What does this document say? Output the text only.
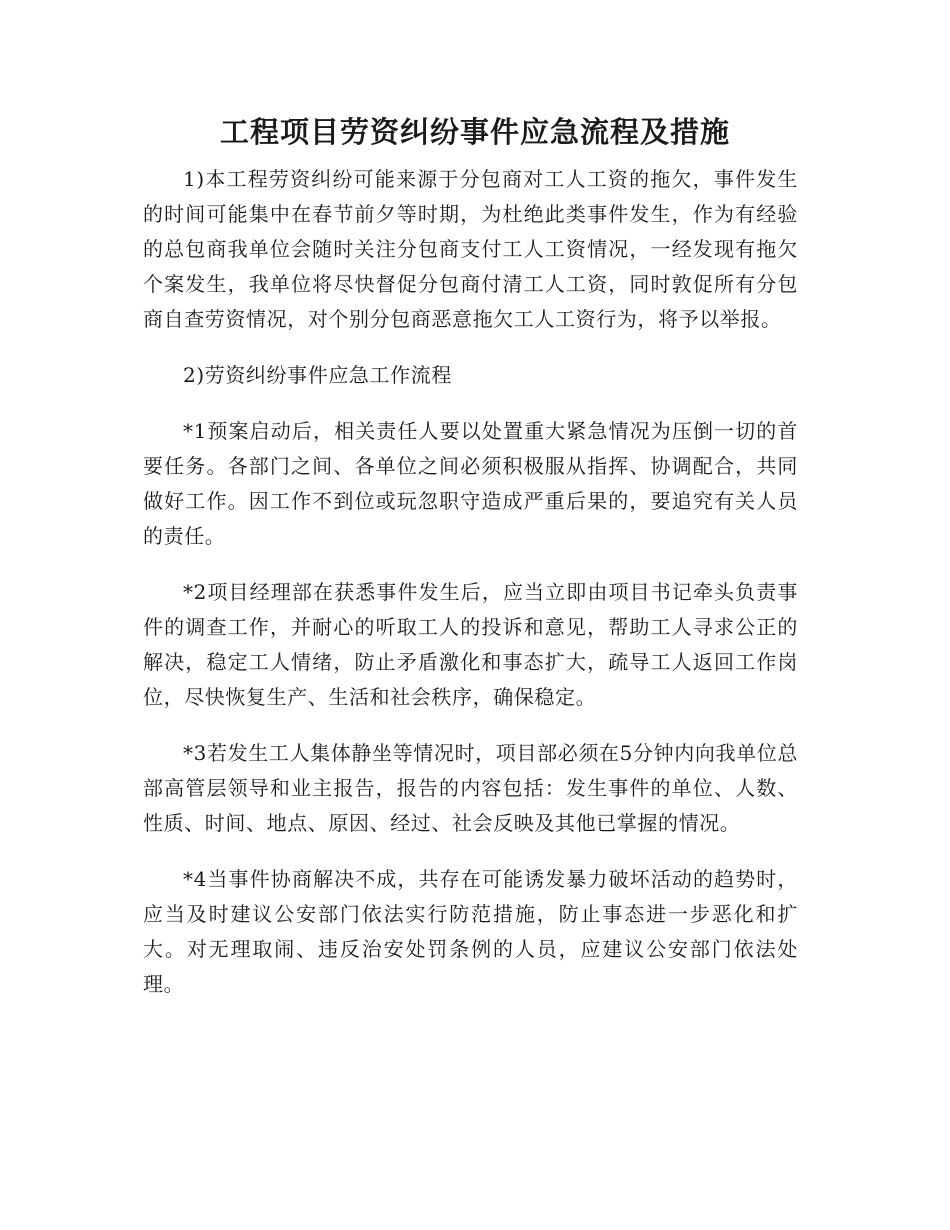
工程项目劳资纠纷事件应急流程及措施

1)本工程劳资纠纷可能来源于分包商对工人工资的拖欠，事件发生的时间可能集中在春节前夕等时期，为杜绝此类事件发生，作为有经验的总包商我单位会随时关注分包商支付工人工资情况，一经发现有拖欠个案发生，我单位将尽快督促分包商付清工人工资，同时敦促所有分包商自查劳资情况，对个别分包商恶意拖欠工人工资行为，将予以举报。

2)劳资纠纷事件应急工作流程

*1预案启动后，相关责任人要以处置重大紧急情况为压倒一切的首要任务。各部门之间、各单位之间必须积极服从指挥、协调配合，共同做好工作。因工作不到位或玩忽职守造成严重后果的，要追究有关人员的责任。

*2项目经理部在获悉事件发生后，应当立即由项目书记牵头负责事件的调查工作，并耐心的听取工人的投诉和意见，帮助工人寻求公正的解决，稳定工人情绪，防止矛盾激化和事态扩大，疏导工人返回工作岗位，尽快恢复生产、生活和社会秩序，确保稳定。

*3若发生工人集体静坐等情况时，项目部必须在5分钟内向我单位总部高管层领导和业主报告，报告的内容包括：发生事件的单位、人数、性质、时间、地点、原因、经过、社会反映及其他已掌握的情况。

*4当事件协商解决不成，共存在可能诱发暴力破坏活动的趋势时，应当及时建议公安部门依法实行防范措施，防止事态进一步恶化和扩大。对无理取闹、违反治安处罚条例的人员，应建议公安部门依法处理。
